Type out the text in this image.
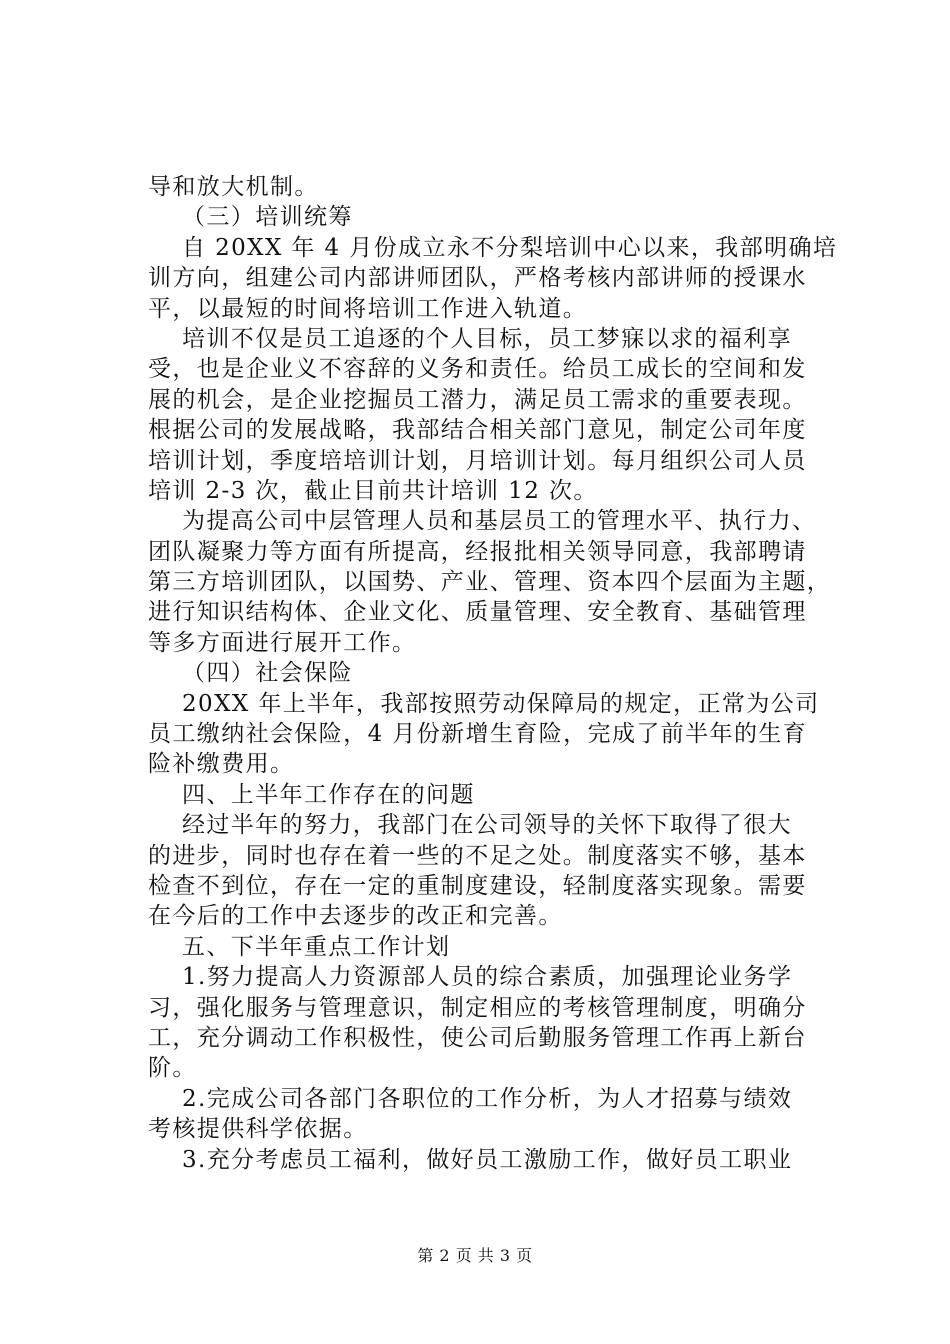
导和放大机制。
（三）培训统筹
自 20XX 年 4 月份成立永不分梨培训中心以来，我部明确培
训方向，组建公司内部讲师团队，严格考核内部讲师的授课水
平，以最短的时间将培训工作进入轨道。
培训不仅是员工追逐的个人目标，员工梦寐以求的福利享
受，也是企业义不容辞的义务和责任。给员工成长的空间和发
展的机会，是企业挖掘员工潜力，满足员工需求的重要表现。
根据公司的发展战略，我部结合相关部门意见，制定公司年度
培训计划，季度培培训计划，月培训计划。每月组织公司人员
培训 2-3 次，截止目前共计培训 12 次。
为提高公司中层管理人员和基层员工的管理水平、执行力、
团队凝聚力等方面有所提高，经报批相关领导同意，我部聘请
第三方培训团队，以国势、产业、管理、资本四个层面为主题，
进行知识结构体、企业文化、质量管理、安全教育、基础管理
等多方面进行展开工作。
（四）社会保险
20XX 年上半年，我部按照劳动保障局的规定，正常为公司
员工缴纳社会保险，4 月份新增生育险，完成了前半年的生育
险补缴费用。
四、上半年工作存在的问题
经过半年的努力，我部门在公司领导的关怀下取得了很大
的进步，同时也存在着一些的不足之处。制度落实不够，基本
检查不到位，存在一定的重制度建设，轻制度落实现象。需要
在今后的工作中去逐步的改正和完善。
五、下半年重点工作计划
1.努力提高人力资源部人员的综合素质，加强理论业务学
习，强化服务与管理意识，制定相应的考核管理制度，明确分
工，充分调动工作积极性，使公司后勤服务管理工作再上新台
阶。
2.完成公司各部门各职位的工作分析，为人才招募与绩效
考核提供科学依据。
3.充分考虑员工福利，做好员工激励工作，做好员工职业
第 2 页 共 3 页
